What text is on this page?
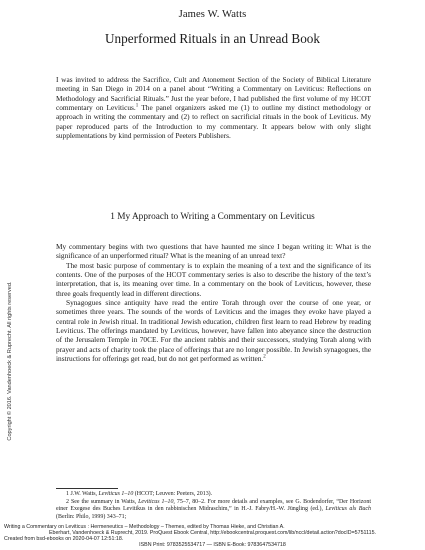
James W. Watts
Unperformed Rituals in an Unread Book

I was invited to address the Sacrifice, Cult and Atonement Section of the Society of Biblical Literature meeting in San Diego in 2014 on a panel about “Writing a Commentary on Leviticus: Reflections on Methodology and Sacrificial Rituals.” Just the year before, I had published the first volume of my HCOT commentary on Leviticus.$^1$ The panel organizers asked me (1) to outline my distinct methodology or approach in writing the commentary and (2) to reflect on sacrificial rituals in the book of Leviticus. My paper reproduced parts of the Introduction to my commentary. It appears below with only slight supplementations by kind permission of Peeters Publishers.

1 My Approach to Writing a Commentary on Leviticus

My commentary begins with two questions that have haunted me since I began writing it: What is the significance of an unperformed ritual? What is the meaning of an unread text?

The most basic purpose of commentary is to explain the meaning of a text and the significance of its contents. One of the purposes of the HCOT commentary series is also to describe the history of the text’s interpretation, that is, its meaning over time. In a commentary on the book of Leviticus, however, these three goals frequently lead in different directions.

Synagogues since antiquity have read the entire Torah through over the course of one year, or sometimes three years. The sounds of the words of Leviticus and the images they evoke have played a central role in Jewish ritual. In traditional Jewish education, children first learn to read Hebrew by reading Leviticus. The offerings mandated by Leviticus, however, have fallen into abeyance since the destruction of the Jerusalem Temple in 70CE. For the ancient rabbis and their successors, studying Torah along with prayer and acts of charity took the place of offerings that are no longer possible. In Jewish synagogues, the instructions for offerings get read, but do not get performed as written.$^2$

1 J.W. Watts, Leviticus 1–10 (HCOT; Leuven: Peeters, 2013).

2 See the summary in Watts, Leviticus 1–10, 75–7, 80–2. For more details and examples, see G. Bodendorfer, “Der Horizont einer Exegese des Buches Levitikus in den rabbinischen Midraschim,” in H.-J. Fabry/H.-W. Jüngling (ed.), Leviticus als Buch (Berlin: Philo, 1999) 343–71;

Copyright © 2016. Vandenhoeck & Ruprecht. All rights reserved.
Writing a Commentary on Leviticus : Hermeneutics – Methodology – Themes, edited by Thomas Hieke, and Christian A.
Eberhart, Vandenhoeck & Ruprecht, 2019. ProQuest Ebook Central, http://ebookcentral.proquest.com/lib/nccl/detail.action?docID=5751115.
Created from bsd-ebooks on 2020-04-07 12:51:18.
ISBN Print: 9783525534717 — ISBN E-Book: 9783647534718
